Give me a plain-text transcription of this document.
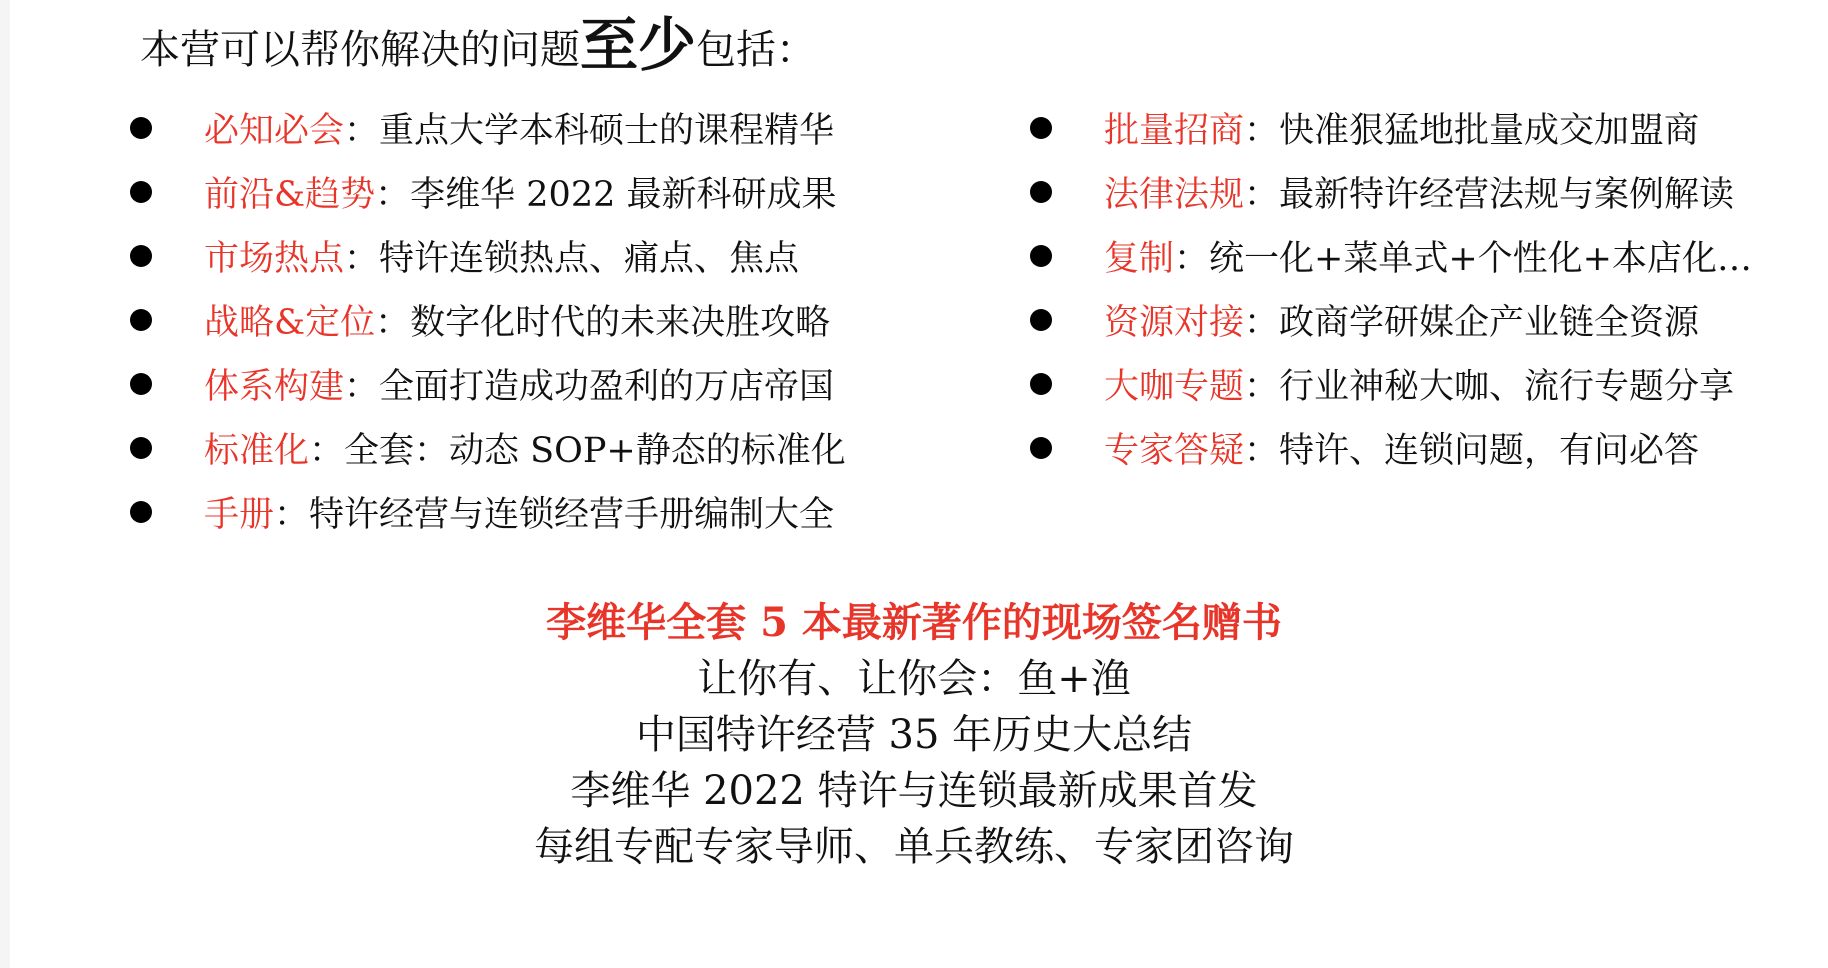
本营可以帮你解决的问题至少包括：
必知必会 ：重点大学本科硕士的课程精华
前沿&趋势 ：李维华 2022 最新科研成果
市场热点 ：特许连锁热点、痛点、焦点
战略&定位 ：数字化时代的未来决胜攻略
体系构建 ：全面打造成功盈利的万店帝国
标准化 ：全套：动态 SOP+静态的标准化
手册 ：特许经营与连锁经营手册编制大全
批量招商 ：快准狠猛地批量成交加盟商
法律法规 ：最新特许经营法规与案例解读
复制 ：统一化+菜单式+个性化+本店化…
资源对接 ：政商学研媒企产业链全资源
大咖专题 ：行业神秘大咖、流行专题分享
专家答疑 ：特许、连锁问题，有问必答
李维华全套 5 本最新著作的现场签名赠书
让你有、让你会：鱼+渔
中国特许经营 35 年历史大总结
李维华 2022 特许与连锁最新成果首发
每组专配专家导师、单兵教练、专家团咨询
